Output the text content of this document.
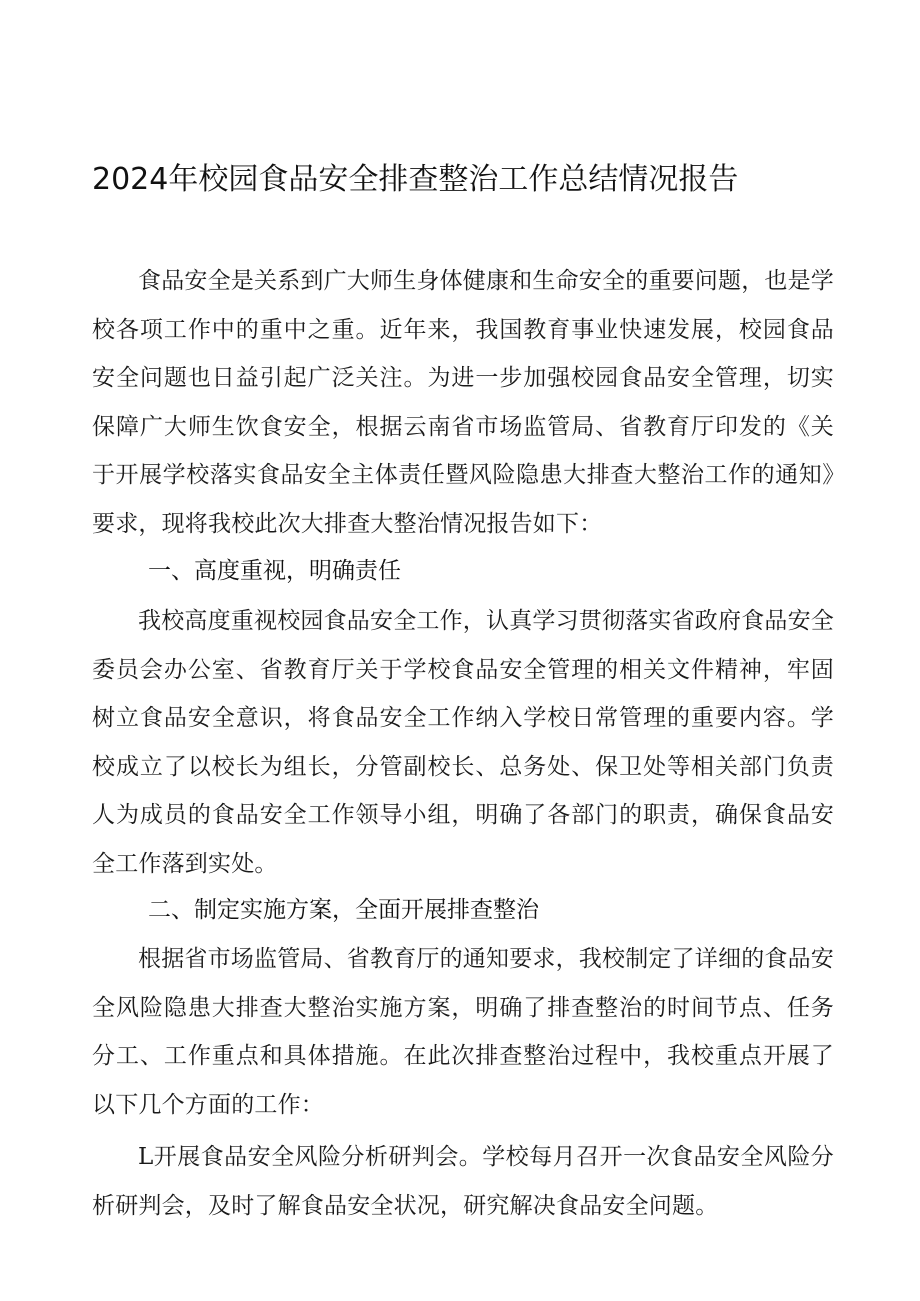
2024年校园食品安全排查整治工作总结情况报告

食品安全是关系到广大师生身体健康和生命安全的重要问题，也是学校各项工作中的重中之重。近年来，我国教育事业快速发展，校园食品安全问题也日益引起广泛关注。为进一步加强校园食品安全管理，切实保障广大师生饮食安全，根据云南省市场监管局、省教育厅印发的《关于开展学校落实食品安全主体责任暨风险隐患大排查大整治工作的通知》要求，现将我校此次大排查大整治情况报告如下：

一、高度重视，明确责任

我校高度重视校园食品安全工作，认真学习贯彻落实省政府食品安全委员会办公室、省教育厅关于学校食品安全管理的相关文件精神，牢固树立食品安全意识，将食品安全工作纳入学校日常管理的重要内容。学校成立了以校长为组长，分管副校长、总务处、保卫处等相关部门负责人为成员的食品安全工作领导小组，明确了各部门的职责，确保食品安全工作落到实处。

二、制定实施方案，全面开展排查整治

根据省市场监管局、省教育厅的通知要求，我校制定了详细的食品安全风险隐患大排查大整治实施方案，明确了排查整治的时间节点、任务分工、工作重点和具体措施。在此次排查整治过程中，我校重点开展了以下几个方面的工作：

L开展食品安全风险分析研判会。学校每月召开一次食品安全风险分析研判会，及时了解食品安全状况，研究解决食品安全问题。
